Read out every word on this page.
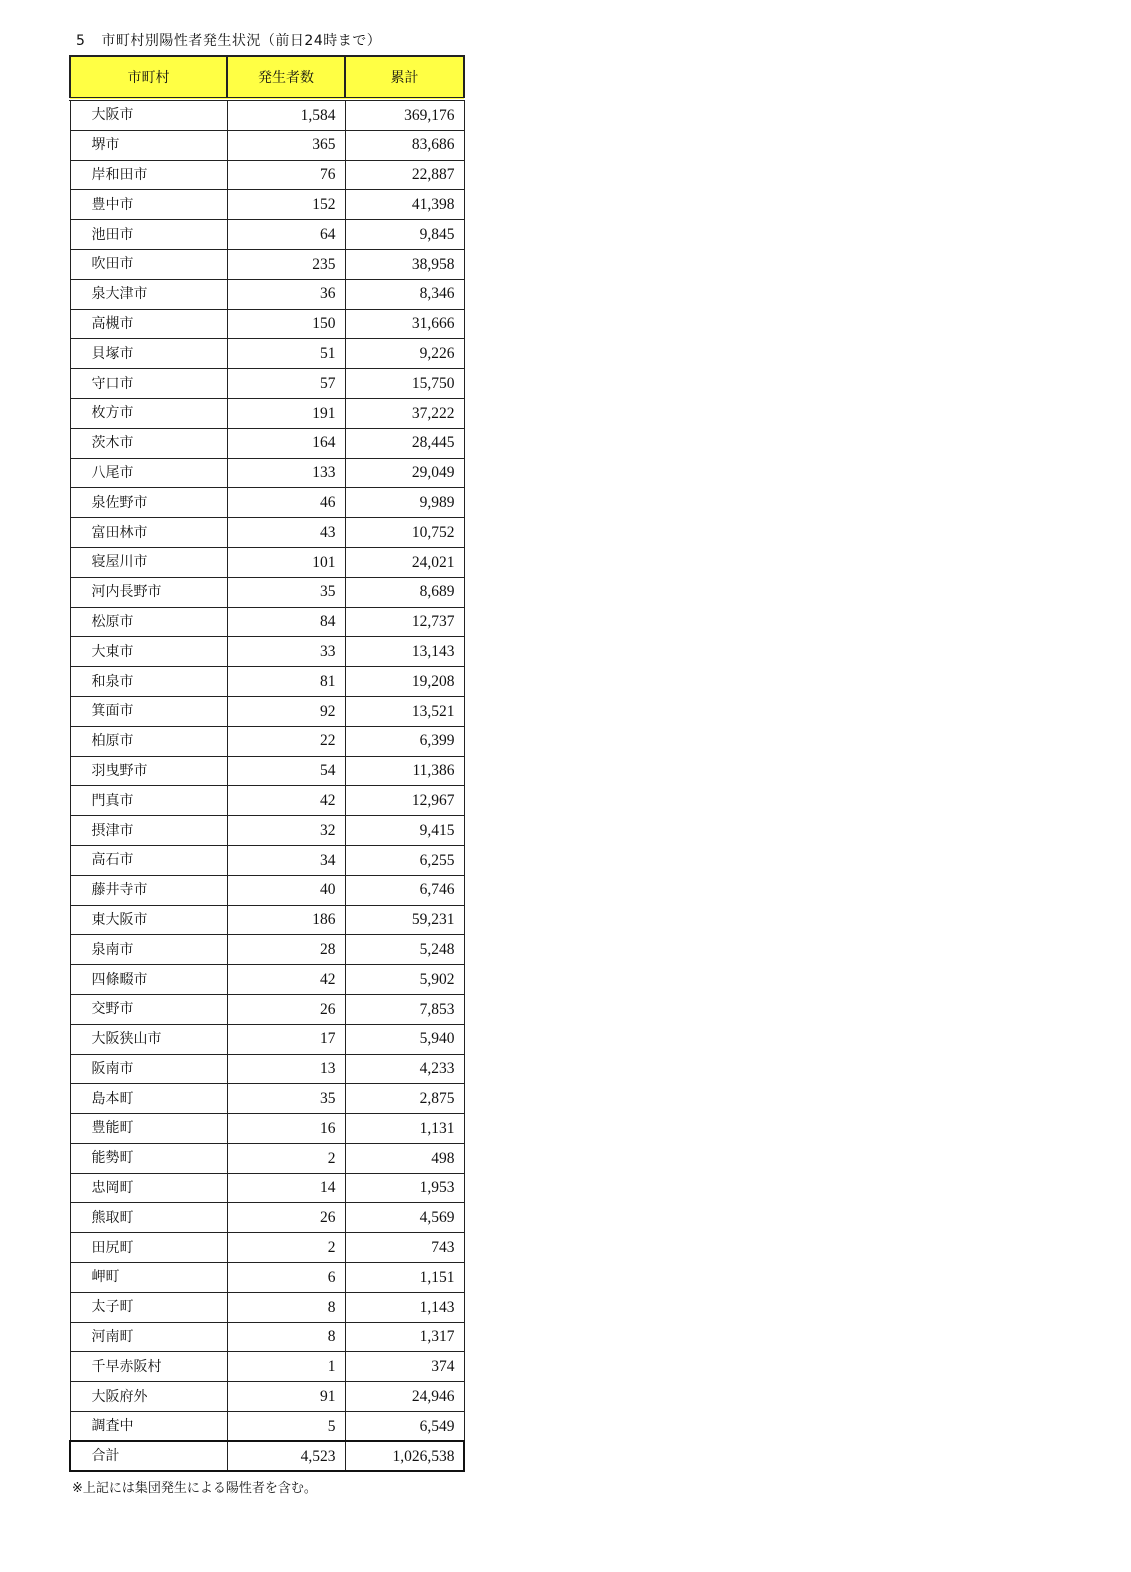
5 市町村別陽性者発生状況（前日24時まで）
市町村	発生者数	累計
大阪市	1,584	369,176
堺市	365	83,686
岸和田市	76	22,887
豊中市	152	41,398
池田市	64	9,845
吹田市	235	38,958
泉大津市	36	8,346
高槻市	150	31,666
貝塚市	51	9,226
守口市	57	15,750
枚方市	191	37,222
茨木市	164	28,445
八尾市	133	29,049
泉佐野市	46	9,989
富田林市	43	10,752
寝屋川市	101	24,021
河内長野市	35	8,689
松原市	84	12,737
大東市	33	13,143
和泉市	81	19,208
箕面市	92	13,521
柏原市	22	6,399
羽曳野市	54	11,386
門真市	42	12,967
摂津市	32	9,415
高石市	34	6,255
藤井寺市	40	6,746
東大阪市	186	59,231
泉南市	28	5,248
四條畷市	42	5,902
交野市	26	7,853
大阪狭山市	17	5,940
阪南市	13	4,233
島本町	35	2,875
豊能町	16	1,131
能勢町	2	498
忠岡町	14	1,953
熊取町	26	4,569
田尻町	2	743
岬町	6	1,151
太子町	8	1,143
河南町	8	1,317
千早赤阪村	1	374
大阪府外	91	24,946
調査中	5	6,549
合計	4,523	1,026,538
※上記には集団発生による陽性者を含む。
